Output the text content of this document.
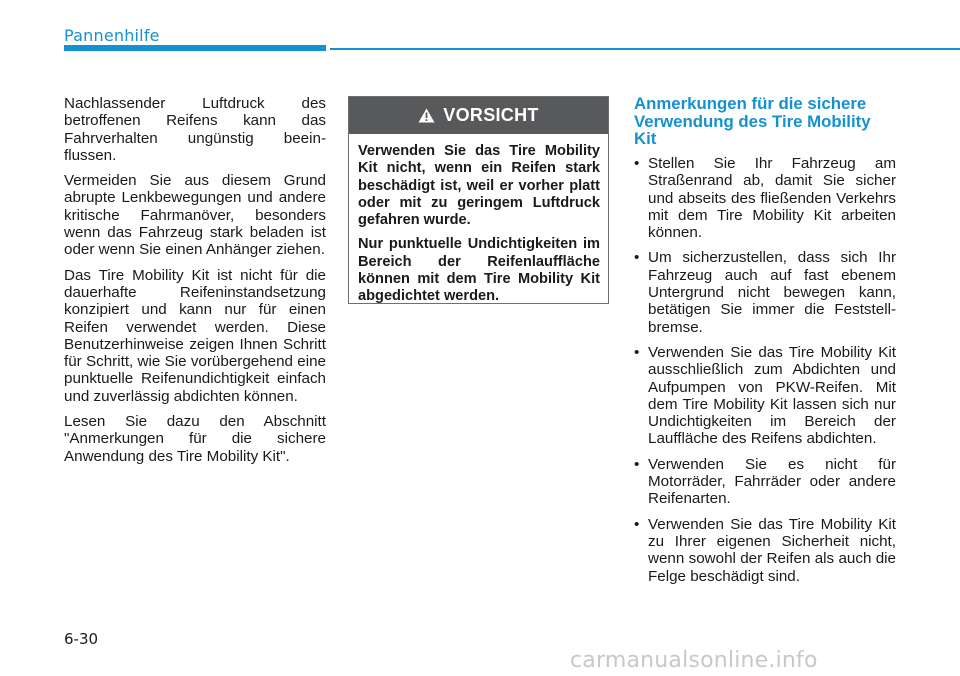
Pannenhilfe

Nachlassender Luftdruck des betroffenen Reifens kann das Fahrverhalten ungünstig beein-flussen.

Vermeiden Sie aus diesem Grund abrupte Lenkbewegungen und andere kritische Fahrmanöver, besonders wenn das Fahrzeug stark beladen ist oder wenn Sie einen Anhänger ziehen.

Das Tire Mobility Kit ist nicht für die dauerhafte Reifeninstandsetzung konzipiert und kann nur für einen Reifen verwendet werden. Diese Benutzerhinweise zeigen Ihnen Schritt für Schritt, wie Sie vorübergehend eine punktuelle Reifenundichtigkeit einfach und zuverlässig abdichten können.

Lesen Sie dazu den Abschnitt "Anmerkungen für die sichere Anwendung des Tire Mobility Kit".

VORSICHT

Verwenden Sie das Tire Mobility Kit nicht, wenn ein Reifen stark beschädigt ist, weil er vorher platt oder mit zu geringem Luftdruck gefahren wurde.

Nur punktuelle Undichtigkeiten im Bereich der Reifenlauffläche können mit dem Tire Mobility Kit abgedichtet werden.

Anmerkungen für die sichere Verwendung des Tire Mobility Kit
• Stellen Sie Ihr Fahrzeug am Straßenrand ab, damit Sie sicher und abseits des fließenden Verkehrs mit dem Tire Mobility Kit arbeiten können.
• Um sicherzustellen, dass sich Ihr Fahrzeug auch auf fast ebenem Untergrund nicht bewegen kann, betätigen Sie immer die Feststell-bremse.
• Verwenden Sie das Tire Mobility Kit ausschließlich zum Abdichten und Aufpumpen von PKW-Reifen. Mit dem Tire Mobility Kit lassen sich nur Undichtigkeiten im Bereich der Lauffläche des Reifens abdichten.
• Verwenden Sie es nicht für Motorräder, Fahrräder oder andere Reifenarten.
• Verwenden Sie das Tire Mobility Kit zu Ihrer eigenen Sicherheit nicht, wenn sowohl der Reifen als auch die Felge beschädigt sind.
6-30
carmanualsonline.info
